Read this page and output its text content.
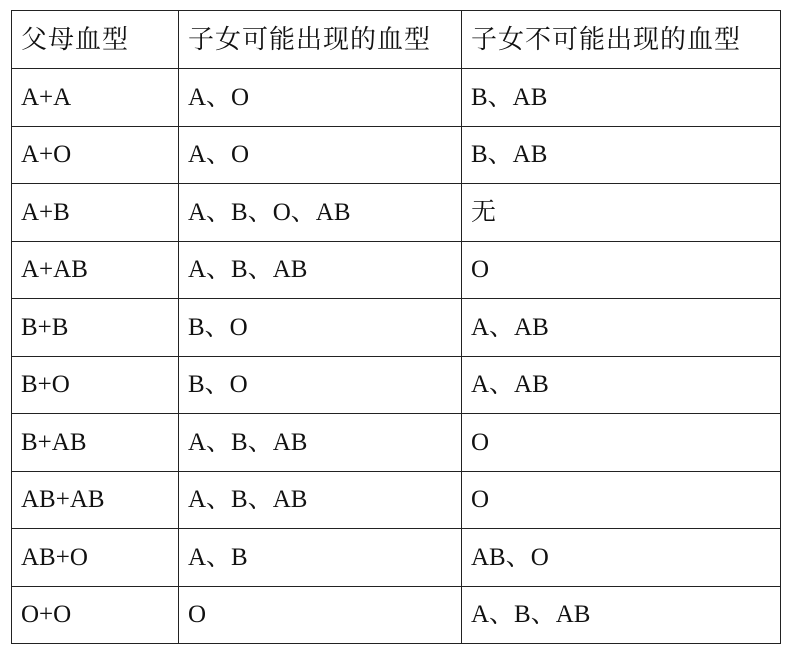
父母血型	子女可能出现的血型	子女不可能出现的血型
A+A	A、O	B、AB
A+O	A、O	B、AB
A+B	A、B、O、AB	无
A+AB	A、B、AB	O
B+B	B、O	A、AB
B+O	B、O	A、AB
B+AB	A、B、AB	O
AB+AB	A、B、AB	O
AB+O	A、B	AB、O
O+O	O	A、B、AB
